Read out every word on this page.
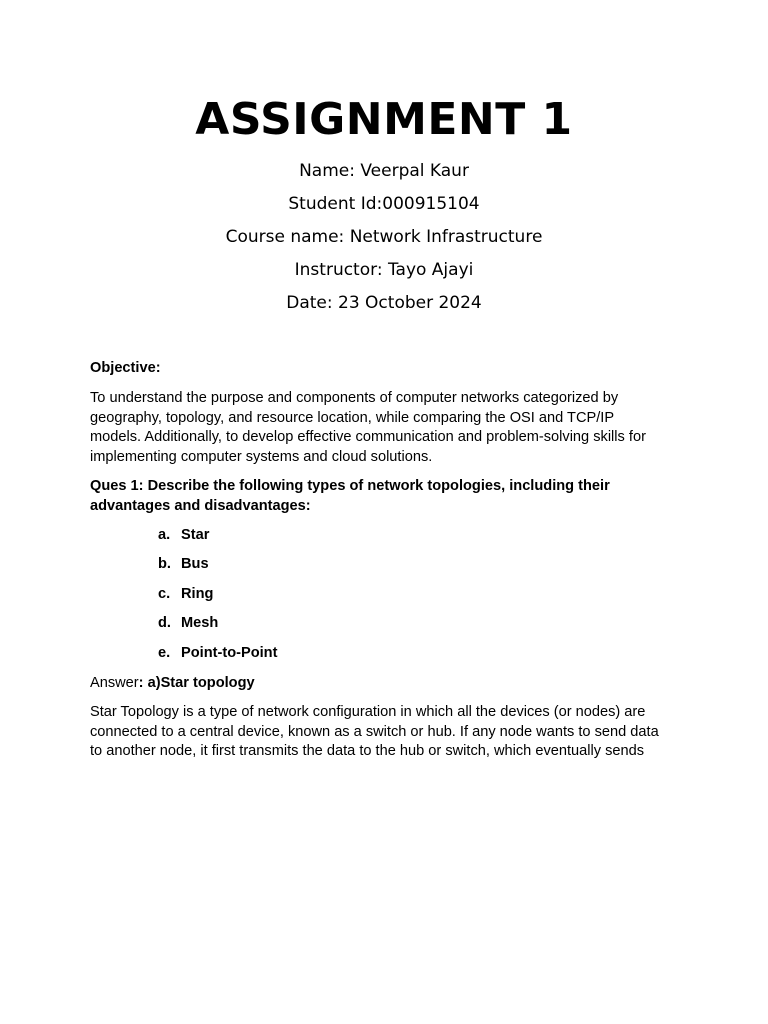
ASSIGNMENT 1
Name: Veerpal Kaur
Student Id:000915104
Course name: Network Infrastructure
Instructor: Tayo Ajayi
Date: 23 October 2024
Objective:
To understand the purpose and components of computer networks categorized by
geography, topology, and resource location, while comparing the OSI and TCP/IP
models. Additionally, to develop effective communication and problem-solving skills for
implementing computer systems and cloud solutions.
Ques 1: Describe the following types of network topologies, including their
advantages and disadvantages:
a. Star
b. Bus
c. Ring
d. Mesh
e. Point-to-Point
Answer: a)Star topology
Star Topology is a type of network configuration in which all the devices (or nodes) are
connected to a central device, known as a switch or hub. If any node wants to send data
to another node, it first transmits the data to the hub or switch, which eventually sends
